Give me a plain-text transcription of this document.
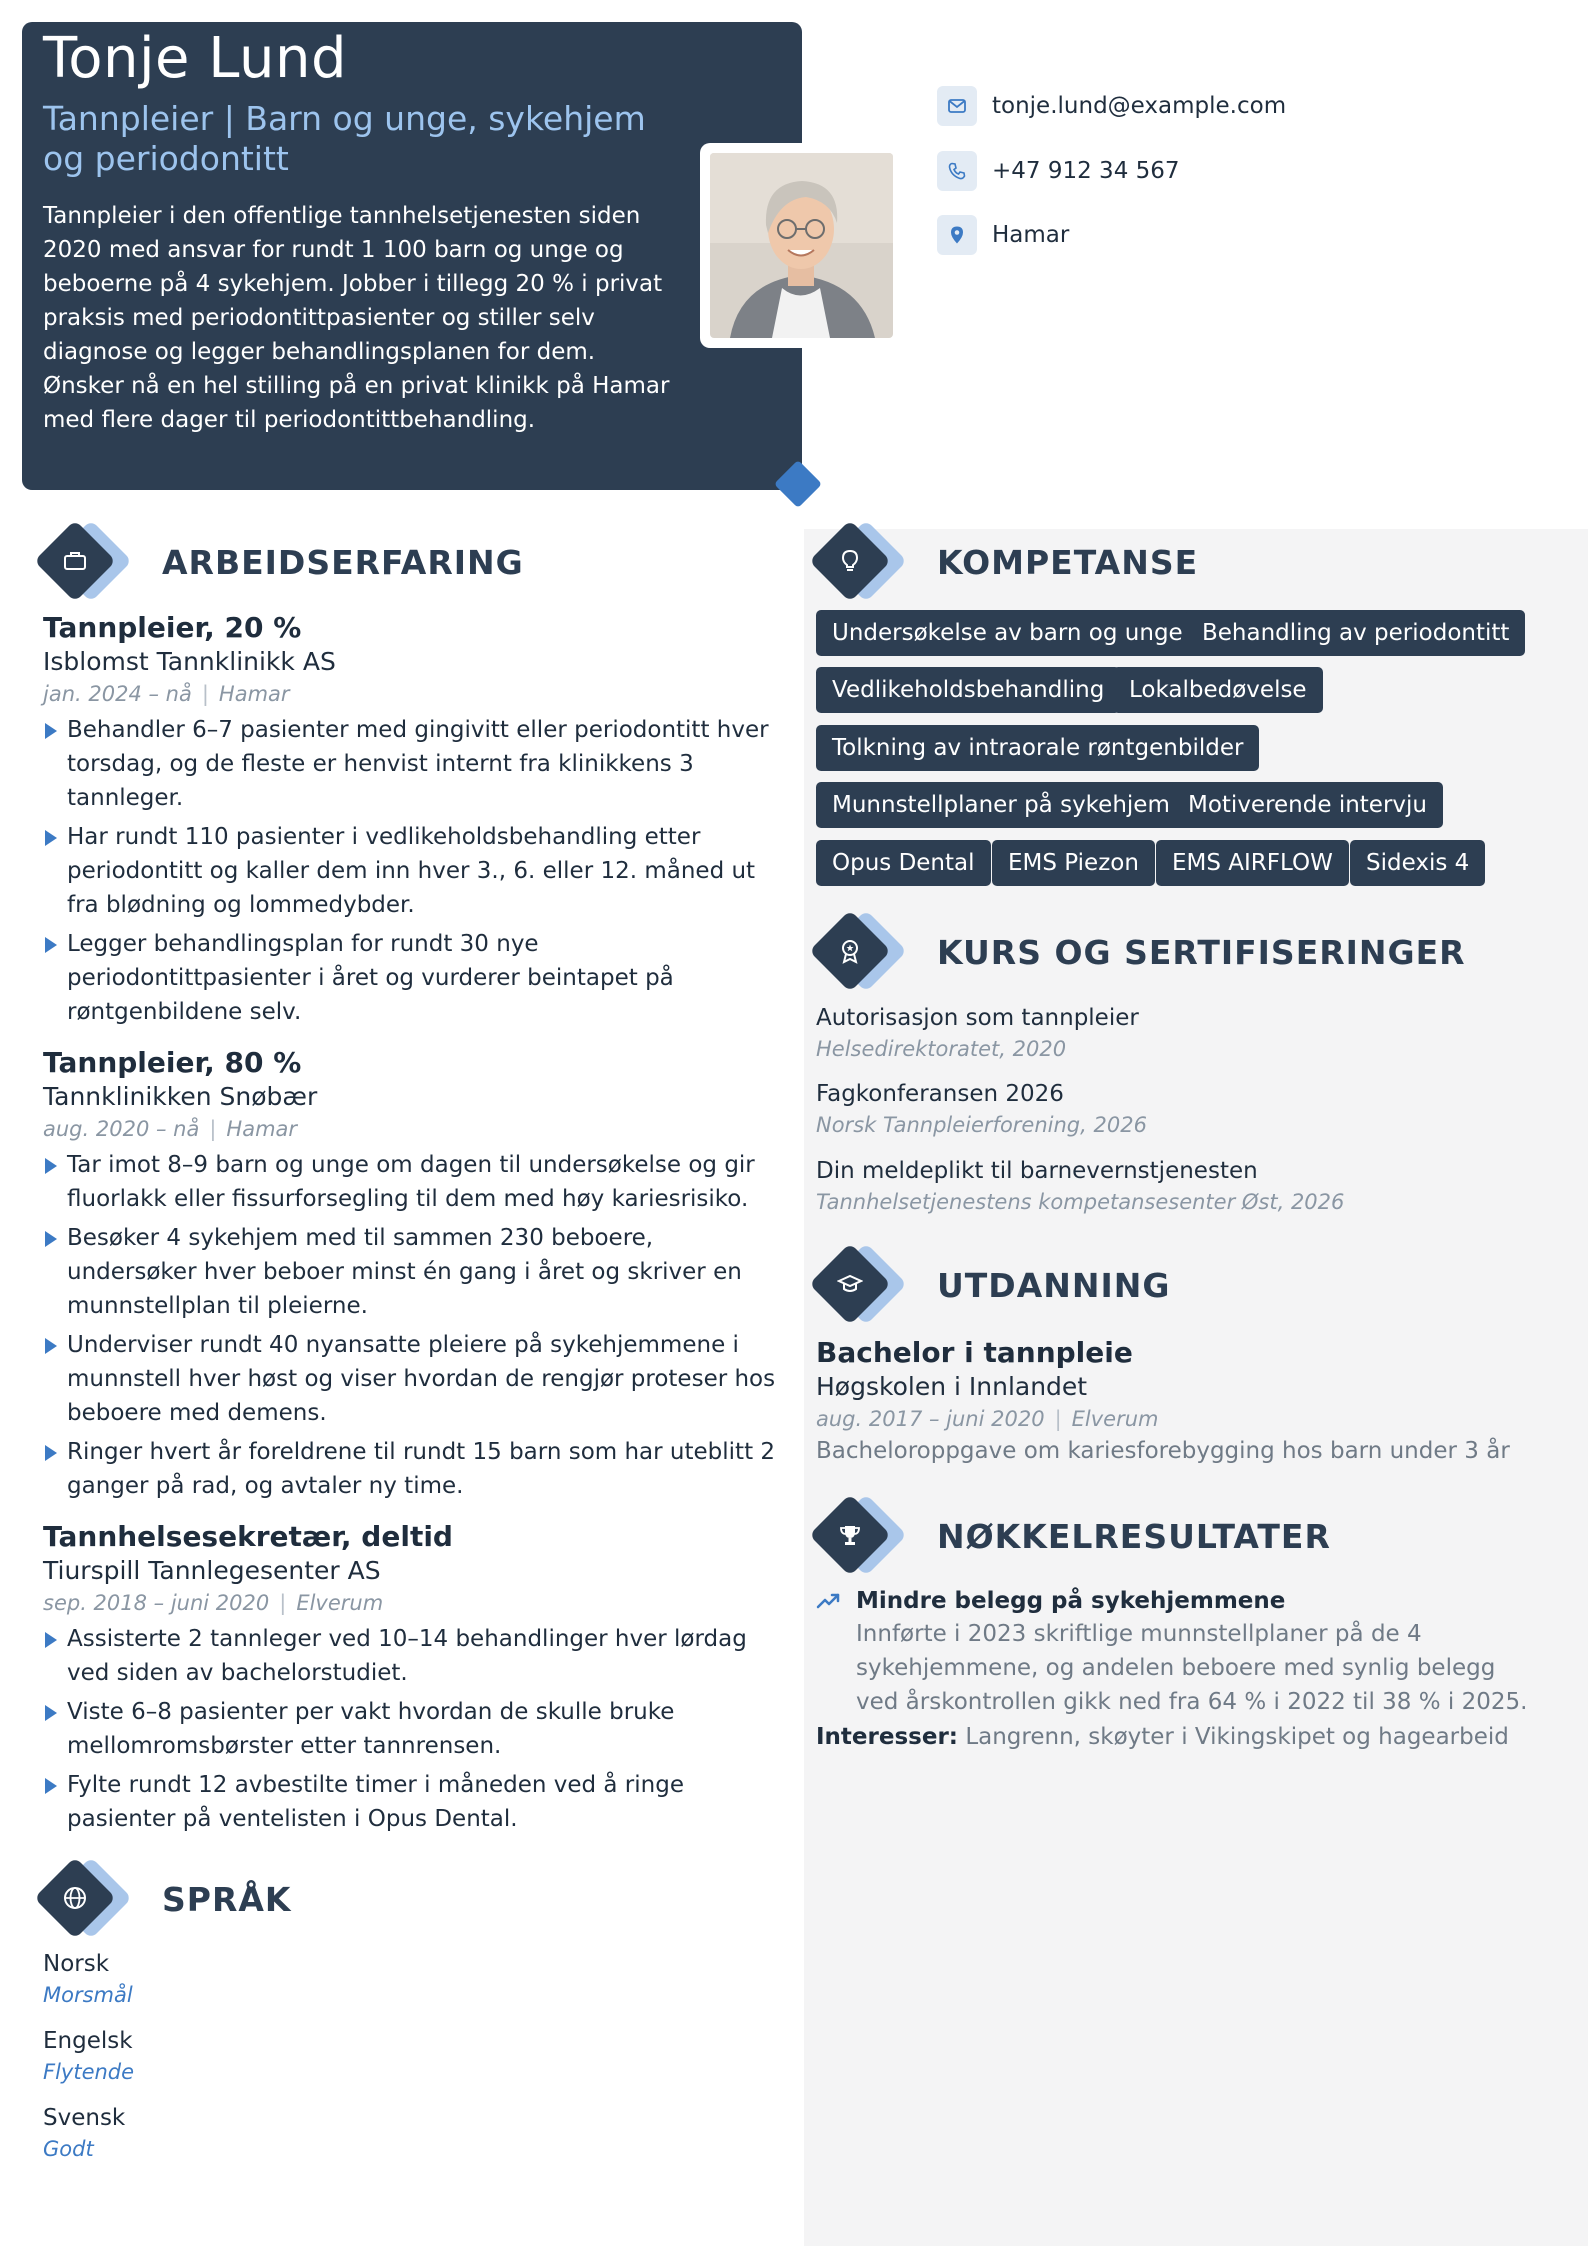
Tonje Lund
Tannpleier | Barn og unge, sykehjem og periodontitt
Tannpleier i den offentlige tannhelsetjenesten siden 2020 med ansvar for rundt 1 100 barn og unge og beboerne på 4 sykehjem. Jobber i tillegg 20 % i privat praksis med periodontittpasienter og stiller selv diagnose og legger behandlingsplanen for dem. Ønsker nå en hel stilling på en privat klinikk på Hamar med flere dager til periodontittbehandling.
tonje.lund@example.com
+47 912 34 567
Hamar
ARBEIDSERFARING
Tannpleier, 20 %
Isblomst Tannklinikk AS
jan. 2024 – nå | Hamar
Behandler 6–7 pasienter med gingivitt eller periodontitt hver torsdag, og de fleste er henvist internt fra klinikkens 3 tannleger.
Har rundt 110 pasienter i vedlikeholdsbehandling etter periodontitt og kaller dem inn hver 3., 6. eller 12. måned ut fra blødning og lommedybder.
Legger behandlingsplan for rundt 30 nye periodontittpasienter i året og vurderer beintapet på røntgenbildene selv.
Tannpleier, 80 %
Tannklinikken Snøbær
aug. 2020 – nå | Hamar
Tar imot 8–9 barn og unge om dagen til undersøkelse og gir fluorlakk eller fissurforsegling til dem med høy kariesrisiko.
Besøker 4 sykehjem med til sammen 230 beboere, undersøker hver beboer minst én gang i året og skriver en munnstellplan til pleierne.
Underviser rundt 40 nyansatte pleiere på sykehjemmene i munnstell hver høst og viser hvordan de rengjør proteser hos beboere med demens.
Ringer hvert år foreldrene til rundt 15 barn som har uteblitt 2 ganger på rad, og avtaler ny time.
Tannhelsesekretær, deltid
Tiurspill Tannlegesenter AS
sep. 2018 – juni 2020 | Elverum
Assisterte 2 tannleger ved 10–14 behandlinger hver lørdag ved siden av bachelorstudiet.
Viste 6–8 pasienter per vakt hvordan de skulle bruke mellomromsbørster etter tannrensen.
Fylte rundt 12 avbestilte timer i måneden ved å ringe pasienter på ventelisten i Opus Dental.
SPRÅK
Norsk
Morsmål
Engelsk
Flytende
Svensk
Godt
KOMPETANSE
Undersøkelse av barn og unge Behandling av periodontitt
Vedlikeholdsbehandling	Lokalbedøvelse
Tolkning av intraorale røntgenbilder
Munnstellplaner på sykehjem Motiverende intervju
Opus Dental	EMS Piezon	EMS AIRFLOW	Sidexis 4
KURS OG SERTIFISERINGER
Autorisasjon som tannpleier
Helsedirektoratet, 2020
Fagkonferansen 2026
Norsk Tannpleierforening, 2026
Din meldeplikt til barnevernstjenesten
Tannhelsetjenestens kompetansesenter Øst, 2026
UTDANNING
Bachelor i tannpleie
Høgskolen i Innlandet
aug. 2017 – juni 2020 | Elverum
Bacheloroppgave om kariesforebygging hos barn under 3 år
NØKKELRESULTATER
Mindre belegg på sykehjemmene
Innførte i 2023 skriftlige munnstellplaner på de 4 sykehjemmene, og andelen beboere med synlig belegg ved årskontrollen gikk ned fra 64 % i 2022 til 38 % i 2025.
Interesser: Langrenn, skøyter i Vikingskipet og hagearbeid
